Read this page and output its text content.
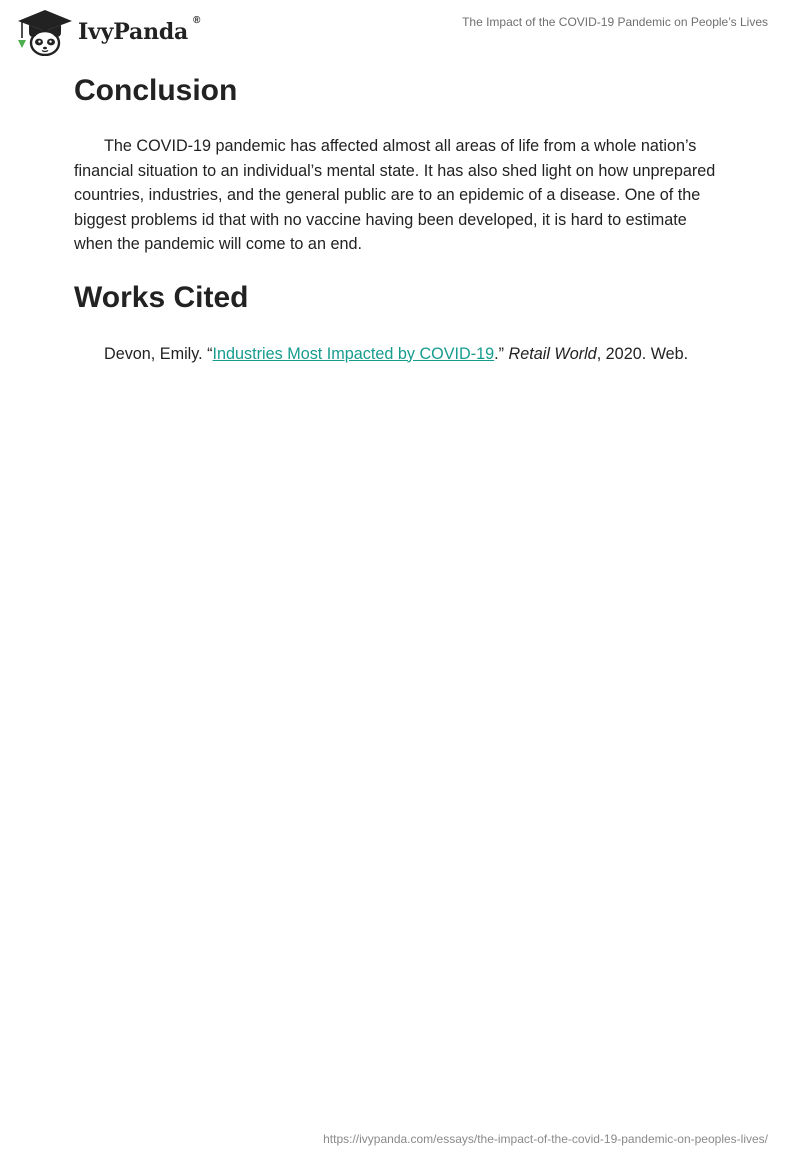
IvyPanda ®	The Impact of the COVID-19 Pandemic on People’s Lives
Conclusion

The COVID-19 pandemic has affected almost all areas of life from a whole nation’s financial situation to an individual’s mental state. It has also shed light on how unprepared countries, industries, and the general public are to an epidemic of a disease. One of the biggest problems id that with no vaccine having been developed, it is hard to estimate when the pandemic will come to an end.

Works Cited

Devon, Emily. “Industries Most Impacted by COVID-19.” Retail World, 2020. Web.

https://ivypanda.com/essays/the-impact-of-the-covid-19-pandemic-on-peoples-lives/
